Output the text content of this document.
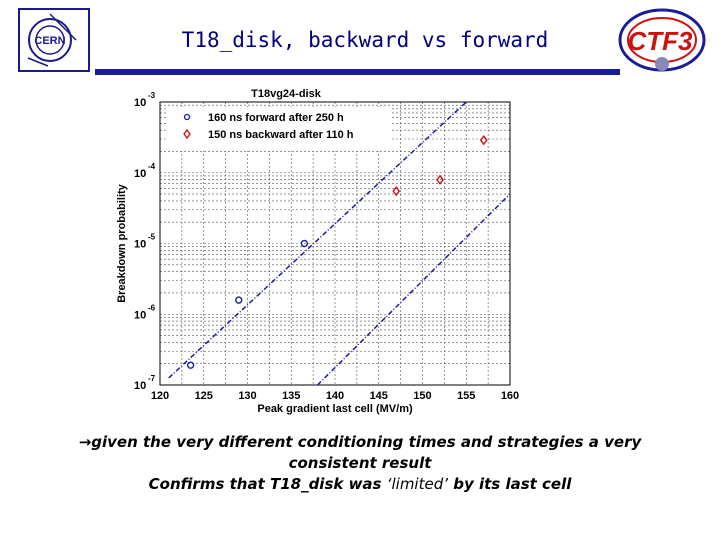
CERN	CTF3
T18_disk, backward vs forward
120 125 130 135 140 145 150 155 160
10
-3
10
-4
10
-5
10
-6
10
-7
T18vg24-disk
Peak gradient last cell (MV/m)
Breakdown probability
160 ns forward after 250 h
150 ns backward after 110 h
→given the very different conditioning times and strategies a very
consistent result
Confirms that T18_disk was ‘limited’ by its last cell
